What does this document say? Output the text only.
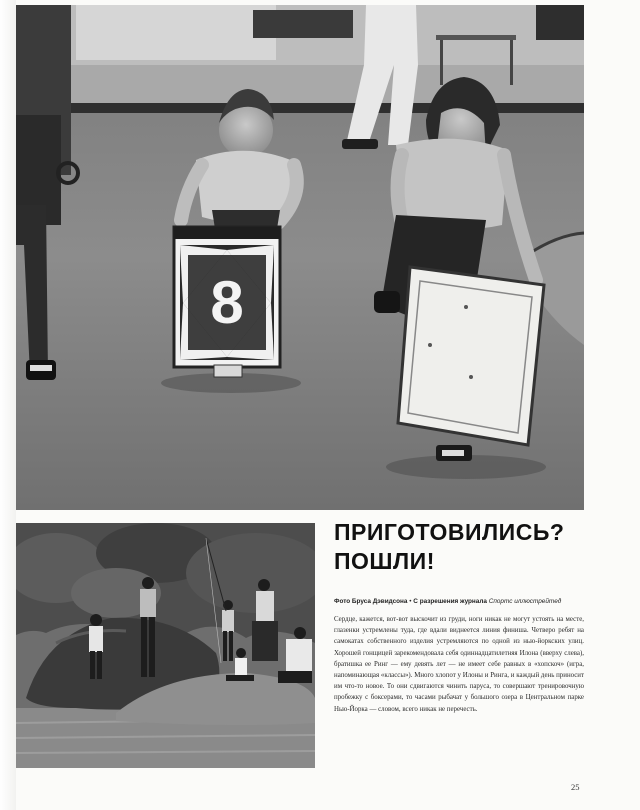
8
ПРИГОТОВИЛИСЬ?
ПОШЛИ!
Фото Бруса Дэвидсона • С разрешения журнала Спортс иллюстрейтед

Сердце, кажется, вот-вот выскочит из груди, ноги никак не могут устоять на месте, глазенки устремлены туда, где вдали виднеется линия финиша. Четверо ребят на самокатах собственного изделия устремляются по одной из нью-йоркских улиц. Хорошей гонщицей зарекомендовала себя одиннадцатилетняя Илона (вверху слева), братишка ее Ринг — ему девять лет — не имеет себе равных в «хопскоч» (игра, напоминающая «классы»). Много хлопот у Илоны и Ринга, и каждый день приносит им что-то новое. То они сдвигаются чинить паруса, то совершают тренировочную пробежку с боксерами, то часами рыбачат у большого озера в Центральном парке Нью-Йорка — словом, всего никак не перечесть.

25
